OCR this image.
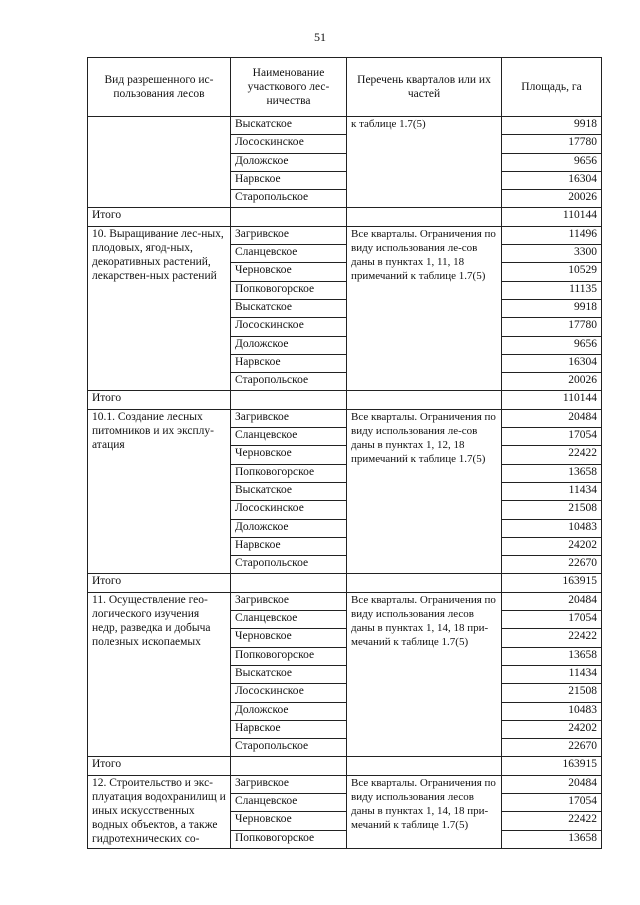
51
Вид разрешенного ис-пользования лесов	Наименование участкового лес-ничества	Перечень кварталов или их частей	Площадь, га
	Выскатское	к таблице 1.7(5)	9918
	Лососкинское		17780
	Доложское		9656
	Нарвское		16304
	Старопольское		20026
Итого			110144
10. Выращивание лес-ных, плодовых, ягод-ных, декоративных растений, лекарствен-ных растений	Загривское	Все кварталы. Ограничения по виду использования ле-сов даны в пунктах 1, 11, 18 примечаний к таблице 1.7(5)	11496
	Сланцевское		3300
	Черновское		10529
	Попковогорское		11135
	Выскатское		9918
	Лососкинское		17780
	Доложское		9656
	Нарвское		16304
	Старопольское		20026
Итого			110144
10.1. Создание лесных питомников и их эксплу-атация	Загривское	Все кварталы. Ограничения по виду использования ле-сов даны в пунктах 1, 12, 18 примечаний к таблице 1.7(5)	20484
	Сланцевское		17054
	Черновское		22422
	Попковогорское		13658
	Выскатское		11434
	Лососкинское		21508
	Доложское		10483
	Нарвское		24202
	Старопольское		22670
Итого			163915
11. Осуществление гео-логического изучения недр, разведка и добыча полезных ископаемых	Загривское	Все кварталы. Ограничения по виду использования лесов даны в пунктах 1, 14, 18 при-мечаний к таблице 1.7(5)	20484
	Сланцевское		17054
	Черновское		22422
	Попковогорское		13658
	Выскатское		11434
	Лососкинское		21508
	Доложское		10483
	Нарвское		24202
	Старопольское		22670
Итого			163915
12. Строительство и экс-плуатация водохранилищ и иных искусственных водных объектов, а также гидротехнических со-	Загривское	Все кварталы. Ограничения по виду использования лесов даны в пунктах 1, 14, 18 при-мечаний к таблице 1.7(5)	20484
	Сланцевское		17054
	Черновское		22422
	Попковогорское		13658
